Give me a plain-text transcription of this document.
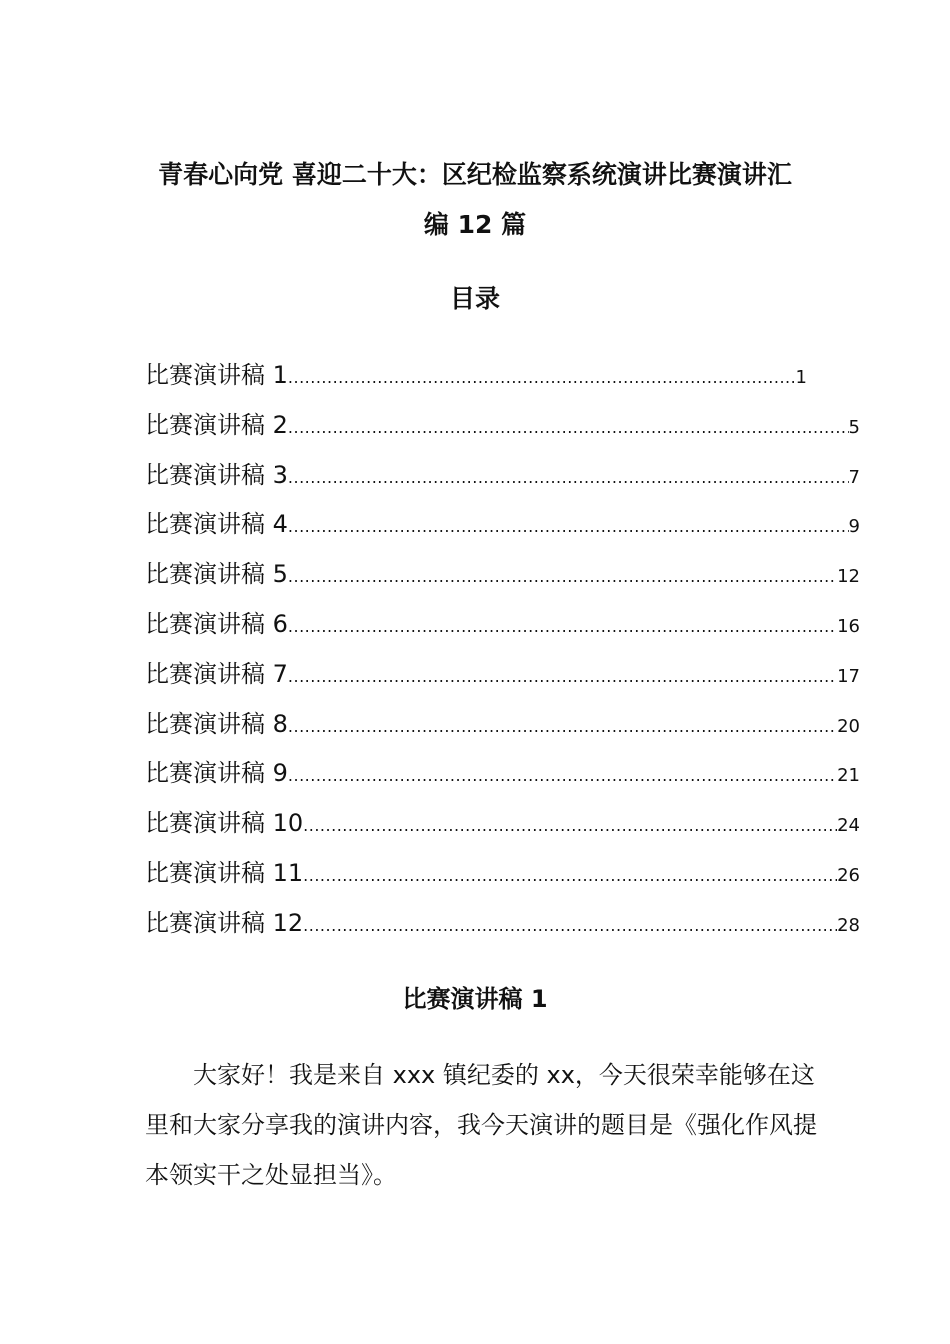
青春心向党 喜迎二十大：区纪检监察系统演讲比赛演讲汇
编 12 篇
目录
比赛演讲稿 1 .....	1
比赛演讲稿 2 .....	5
比赛演讲稿 3 .....	7
比赛演讲稿 4 .....	9
比赛演讲稿 5 .....	12
比赛演讲稿 6 .....	16
比赛演讲稿 7 .....	17
比赛演讲稿 8 .....	20
比赛演讲稿 9 .....	21
比赛演讲稿 10 .....	24
比赛演讲稿 11 .....	26
比赛演讲稿 12 .....	28
比赛演讲稿 1

大家好！我是来自 xxx 镇纪委的 xx，今天很荣幸能够在这里和大家分享我的演讲内容，我今天演讲的题目是《强化作风提本领实干之处显担当》。
